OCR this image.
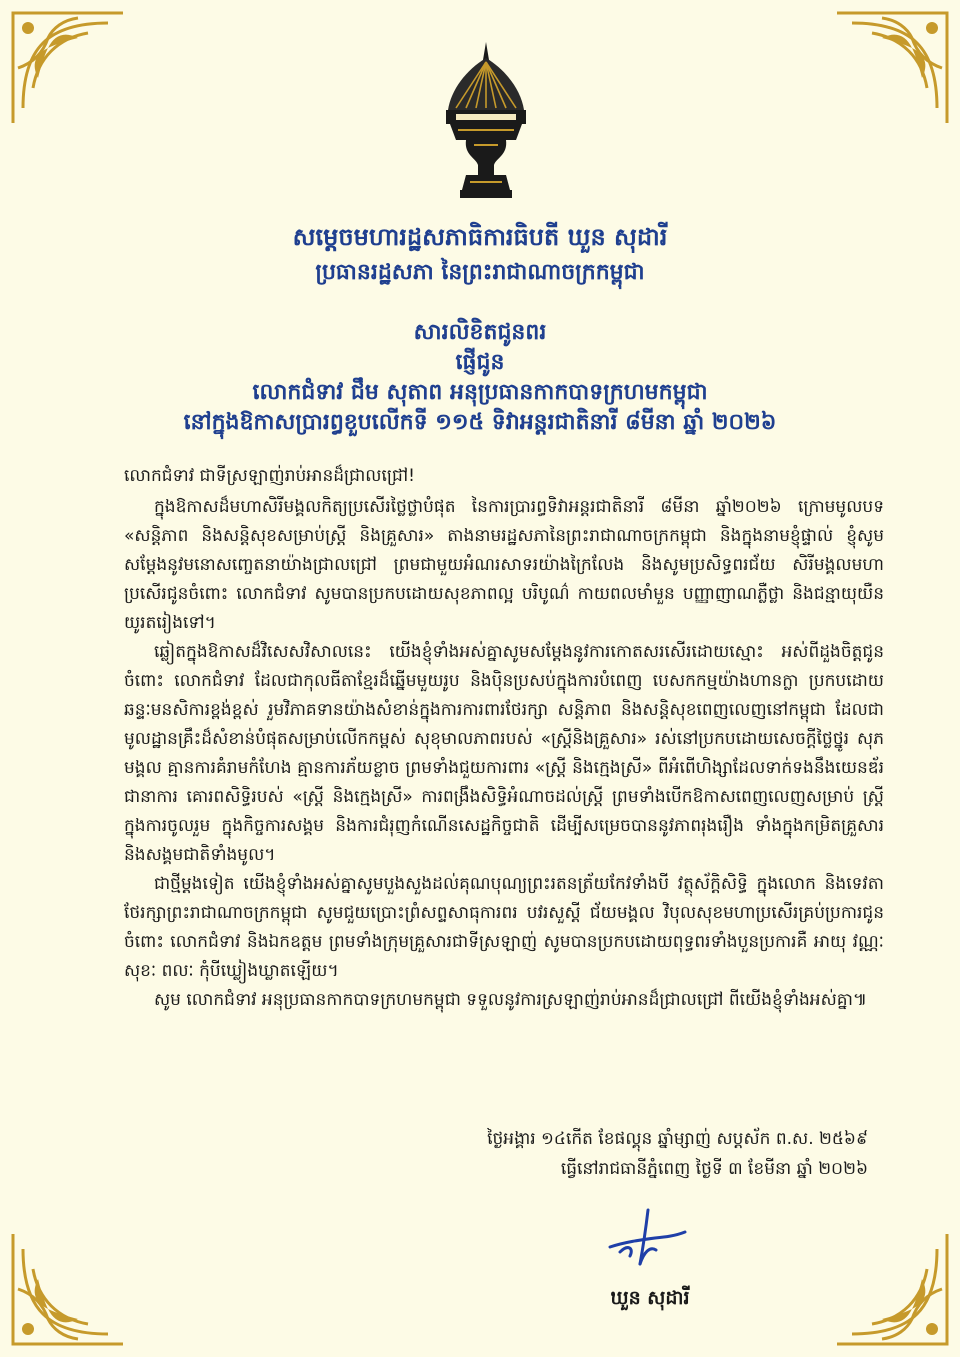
សម្តេចមហារដ្ឋសភាធិការធិបតី ឃួន សុដារី
ប្រធានរដ្ឋសភា នៃព្រះរាជាណាចក្រកម្ពុជា
សារលិខិតជូនពរ
ផ្ញើជូន
លោកជំទាវ ជឹម សុតាព អនុប្រធានកាកបាទក្រហមកម្ពុជា
នៅក្នុងឱកាសប្រារព្ធខួបលើកទី ១១៥ ទិវាអន្តរជាតិនារី ៨មីនា ឆ្នាំ ២០២៦

លោកជំទាវ ជាទីស្រឡាញ់រាប់អានដ៏ជ្រាលជ្រៅ!

ក្នុងឱកាសដ៏មហាសិរីមង្គលកិត្យប្រសើរថ្លៃថ្លាបំផុត នៃការប្រារព្ធទិវាអន្តរជាតិនារី ៨មីនា ឆ្នាំ២០២៦ ក្រោមមូលបទ «សន្តិភាព និងសន្តិសុខសម្រាប់ស្ត្រី និងគ្រួសារ» តាងនាមរដ្ឋសភានៃព្រះរាជាណាចក្រកម្ពុជា និងក្នុងនាមខ្ញុំផ្ទាល់ ខ្ញុំសូមសម្តែងនូវមនោសញ្ចេតនាយ៉ាងជ្រាលជ្រៅ ព្រមជាមួយអំណរសាទរយ៉ាងក្រៃលែង និងសូមប្រសិទ្ធពរជ័យ សិរីមង្គលមហាប្រសើរជូនចំពោះ លោកជំទាវ សូមបានប្រកបដោយសុខភាពល្អ បរិបូណ៌ កាយពលមាំមួន បញ្ញាញាណភ្លឺថ្លា និងជន្មាយុយឺនយូរតរៀងទៅ។

ឆ្លៀតក្នុងឱកាសដ៏វិសេសវិសាលនេះ យើងខ្ញុំទាំងអស់គ្នាសូមសម្តែងនូវការកោតសរសើរដោយស្មោះ អស់ពីដួងចិត្តជូនចំពោះ លោកជំទាវ ដែលជាកុលធីតាខ្មែរដ៏ឆ្នើមមួយរូប និងប៉ិនប្រសប់ក្នុងការបំពេញ បេសកកម្មយ៉ាងហានក្លា ប្រកបដោយឆន្ទៈមនសិការខ្ពង់ខ្ពស់ រួមវិភាគទានយ៉ាងសំខាន់ក្នុងការការពារថែរក្សា សន្តិភាព និងសន្តិសុខពេញលេញនៅកម្ពុជា ដែលជាមូលដ្ឋានគ្រឹះដ៏សំខាន់បំផុតសម្រាប់លើកកម្ពស់ សុខុមាលភាពរបស់ «ស្ត្រីនិងគ្រួសារ» រស់នៅប្រកបដោយសេចក្តីថ្លៃថ្នូរ សុភមង្គល គ្មានការគំរាមកំហែង គ្មានការភ័យខ្លាច ព្រមទាំងជួយការពារ «ស្ត្រី និងក្មេងស្រី» ពីអំពើហិង្សាដែលទាក់ទងនឹងយេនឌ័រ ជានាការ គោរពសិទ្ធិរបស់ «ស្ត្រី និងក្មេងស្រី» ការពង្រឹងសិទ្ធិអំណាចដល់ស្ត្រី ព្រមទាំងបើកឱកាសពេញលេញសម្រាប់ ស្ត្រីក្នុងការចូលរួម ក្នុងកិច្ចការសង្គម និងការជំរុញកំណើនសេដ្ឋកិច្ចជាតិ ដើម្បីសម្រេចបាននូវភាពរុងរឿង ទាំងក្នុងកម្រិតគ្រួសារ និងសង្គមជាតិទាំងមូល។

ជាថ្មីម្តងទៀត យើងខ្ញុំទាំងអស់គ្នាសូមបួងសួងដល់គុណបុណ្យព្រះរតនត្រ័យកែវទាំងបី វត្ថុស័ក្តិសិទ្ធិ ក្នុងលោក និងទេវតាថែរក្សាព្រះរាជាណាចក្រកម្ពុជា សូមជួយប្រោះព្រំសព្ទសាធុការពរ បវរសួស្តី ជ័យមង្គល វិបុលសុខមហាប្រសើរគ្រប់ប្រការជូនចំពោះ លោកជំទាវ និងឯកឧត្តម ព្រមទាំងក្រុមគ្រួសារជាទីស្រឡាញ់ សូមបានប្រកបដោយពុទ្ធពរទាំងបួនប្រការគឺ អាយុ វណ្ណៈ សុខៈ ពលៈ កុំបីឃ្លៀងឃ្លាតឡើយ។

សូម លោកជំទាវ អនុប្រធានកាកបាទក្រហមកម្ពុជា ទទួលនូវការស្រឡាញ់រាប់អានដ៏ជ្រាលជ្រៅ ពីយើងខ្ញុំទាំងអស់គ្នា៕

ថ្ងៃអង្គារ ១៤កើត ខែផល្គុន ឆ្នាំម្សាញ់ សប្តស័ក ព.ស. ២៥៦៩
ធ្វើនៅរាជធានីភ្នំពេញ ថ្ងៃទី ៣ ខែមីនា ឆ្នាំ ២០២៦
ឃួន សុដារី
